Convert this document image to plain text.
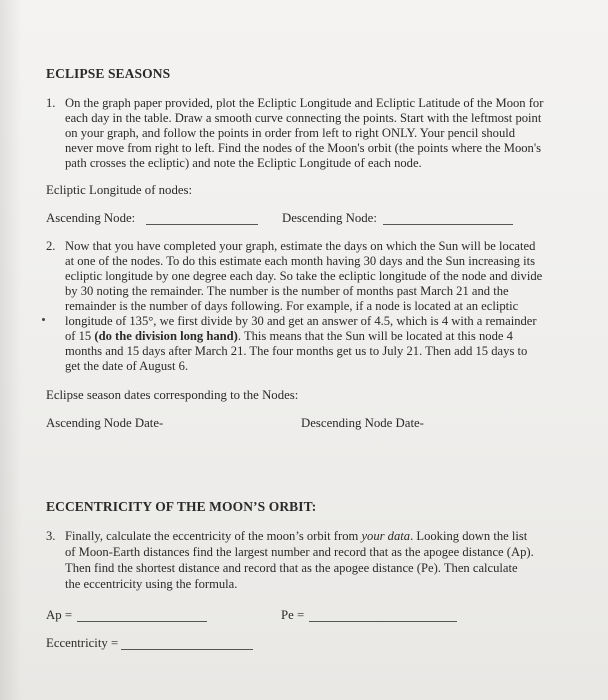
ECLIPSE SEASONS
1. On the graph paper provided, plot the Ecliptic Longitude and Ecliptic Latitude of the Moon for
each day in the table. Draw a smooth curve connecting the points. Start with the leftmost point
on your graph, and follow the points in order from left to right ONLY. Your pencil should
never move from right to left. Find the nodes of the Moon's orbit (the points where the Moon's
path crosses the ecliptic) and note the Ecliptic Longitude of each node.
Ecliptic Longitude of nodes:
Ascending Node:	Descending Node:
2. Now that you have completed your graph, estimate the days on which the Sun will be located
at one of the nodes. To do this estimate each month having 30 days and the Sun increasing its
ecliptic longitude by one degree each day. So take the ecliptic longitude of the node and divide
by 30 noting the remainder. The number is the number of months past March 21 and the
remainder is the number of days following. For example, if a node is located at an ecliptic
longitude of 135°, we first divide by 30 and get an answer of 4.5, which is 4 with a remainder
of 15 (do the division long hand). This means that the Sun will be located at this node 4
months and 15 days after March 21. The four months get us to July 21. Then add 15 days to
get the date of August 6.
Eclipse season dates corresponding to the Nodes:
Ascending Node Date-	Descending Node Date-
ECCENTRICITY OF THE MOON’S ORBIT:
3. Finally, calculate the eccentricity of the moon’s orbit from your data. Looking down the list
of Moon-Earth distances find the largest number and record that as the apogee distance (Ap).
Then find the shortest distance and record that as the apogee distance (Pe). Then calculate
the eccentricity using the formula.
Ap =	Pe =
Eccentricity =
